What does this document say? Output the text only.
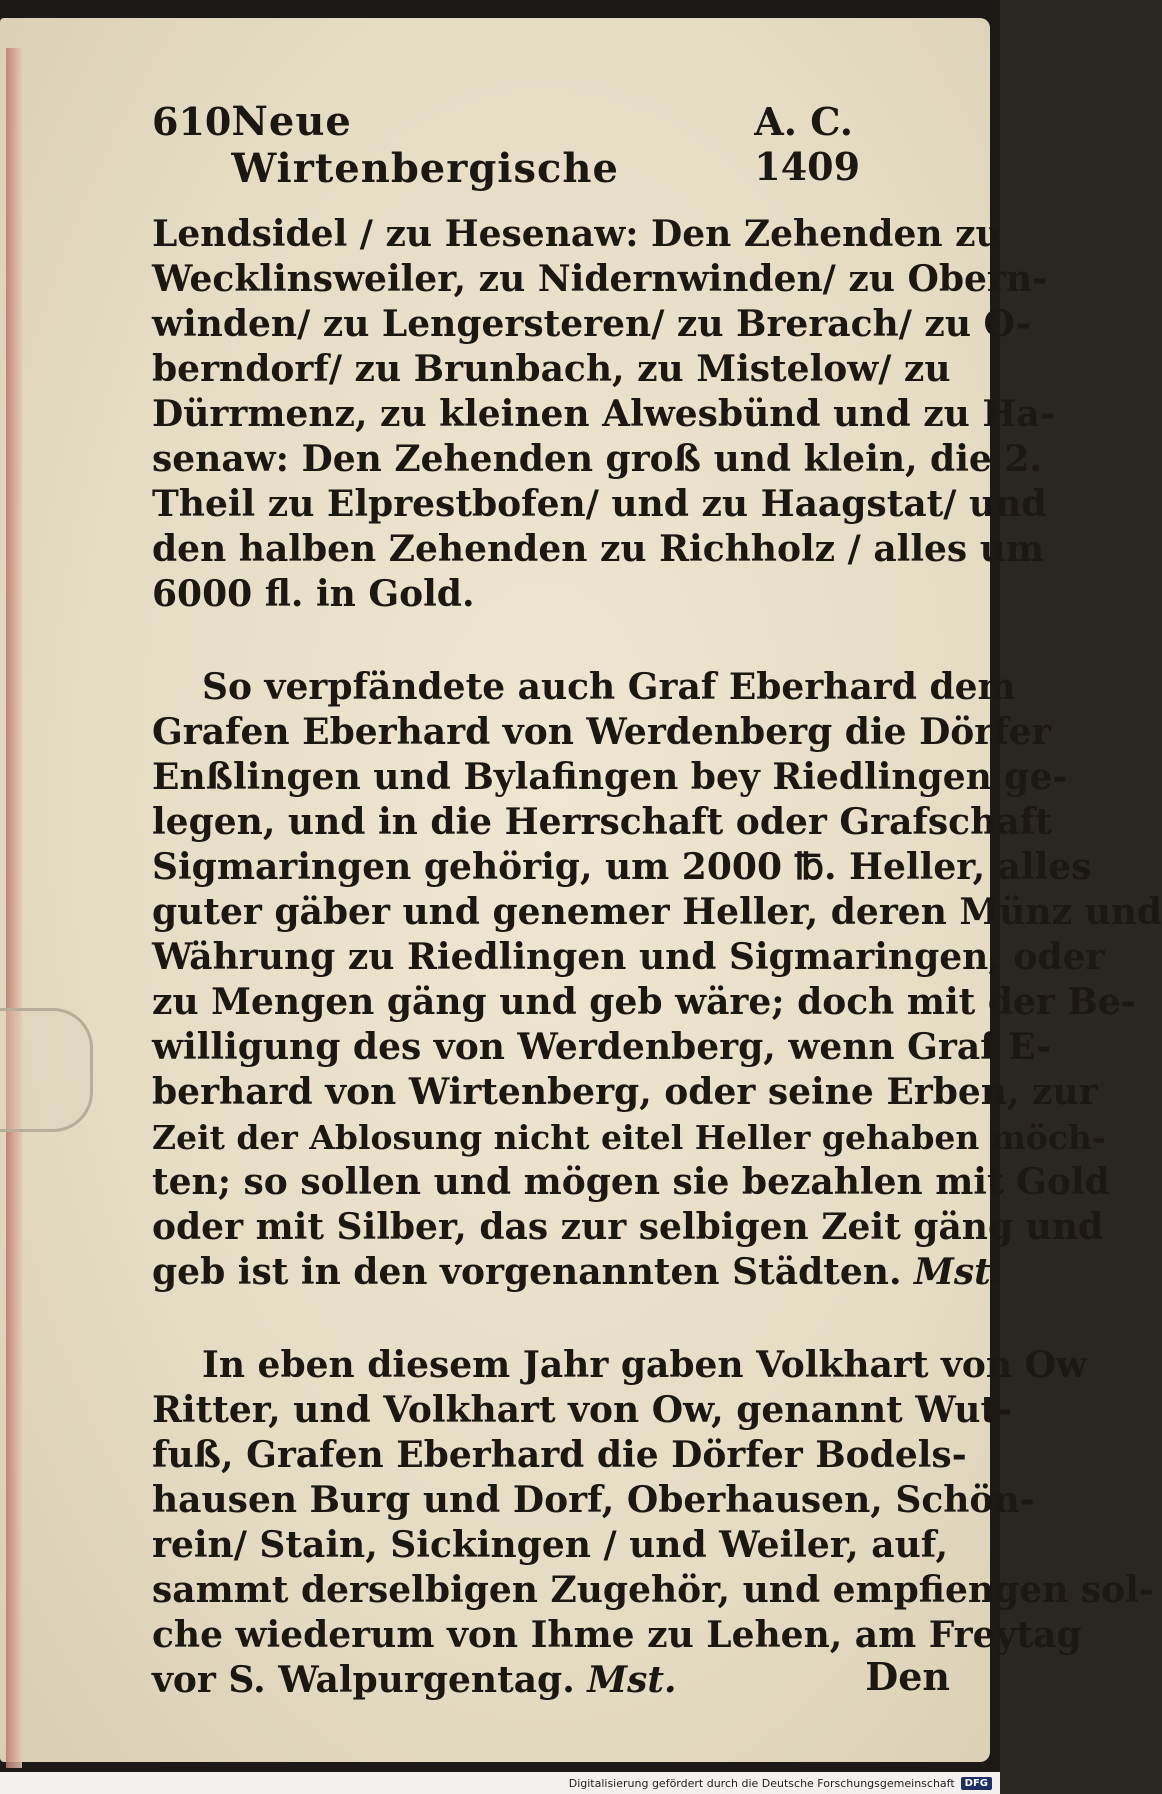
610 Neue Wirtenbergische
A. C. 1409
Lendsidel / zu Hesenaw: Den Zehenden zu
Wecklinsweiler, zu Nidernwinden/ zu Obern-
winden/ zu Lengersteren/ zu Brerach/ zu O-
berndorf/ zu Brunbach, zu Mistelow/ zu
Dürrmenz, zu kleinen Alwesbünd und zu Ha-
senaw: Den Zehenden groß und klein, die 2.
Theil zu Elprestbofen/ und zu Haagstat/ und
den halben Zehenden zu Richholz / alles um
6000 fl. in Gold.
So verpfändete auch Graf Eberhard dem
Grafen Eberhard von Werdenberg die Dörfer
Enßlingen und Bylafingen bey Riedlingen ge-
legen, und in die Herrschaft oder Grafschaft
Sigmaringen gehörig, um 2000 ℔. Heller, alles
guter gäber und genemer Heller, deren Münz und
Währung zu Riedlingen und Sigmaringen, oder
zu Mengen gäng und geb wäre; doch mit der Be-
willigung des von Werdenberg, wenn Graf E-
berhard von Wirtenberg, oder seine Erben, zur
Zeit der Ablosung nicht eitel Heller gehaben möch-
ten; so sollen und mögen sie bezahlen mit Gold
oder mit Silber, das zur selbigen Zeit gäng und
geb ist in den vorgenannten Städten. Mst.
In eben diesem Jahr gaben Volkhart von Ow
Ritter, und Volkhart von Ow, genannt Wut-
fuß, Grafen Eberhard die Dörfer Bodels-
hausen Burg und Dorf, Oberhausen, Schön-
rein/ Stain, Sickingen / und Weiler, auf,
sammt derselbigen Zugehör, und empfiengen sol-
che wiederum von Ihme zu Lehen, am Freytag
vor S. Walpurgentag. Mst.	Den
Digitalisierung gefördert durch die Deutsche Forschungsgemeinschaft	DFG
